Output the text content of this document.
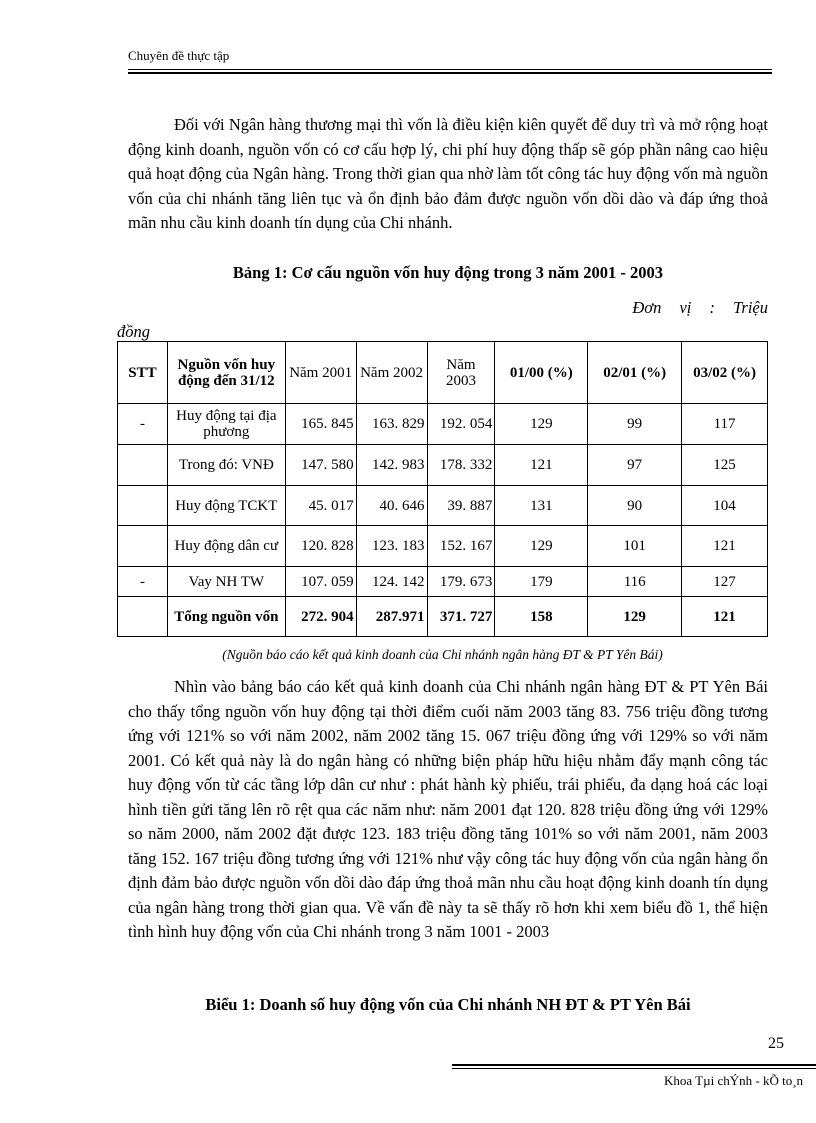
Chuyên đề thực tập

Đối với Ngân hàng thương mại thì vốn là điều kiện kiên quyết để duy trì và mở rộng hoạt động kinh doanh, nguồn vốn có cơ cấu hợp lý, chi phí huy động thấp sẽ góp phần nâng cao hiệu quả hoạt động của Ngân hàng. Trong thời gian qua nhờ làm tốt công tác huy động vốn mà nguồn vốn của chi nhánh tăng liên tục và ổn định bảo đảm được nguồn vốn dồi dào và đáp ứng thoả mãn nhu cầu kinh doanh tín dụng của Chi nhánh.

Bảng 1: Cơ cấu nguồn vốn huy động trong 3 năm 2001 - 2003
Đơn vị : Triệu
đồng
STT	Nguồn vốn huy động đến 31/12	Năm 2001	Năm 2002	Năm 2003	01/00 (%)	02/01 (%)	03/02 (%)
-	Huy động tại địa phương	165. 845	163. 829	192. 054	129	99	117
	Trong đó: VNĐ	147. 580	142. 983	178. 332	121	97	125
	Huy động TCKT	45. 017	40. 646	39. 887	131	90	104
	Huy động dân cư	120. 828	123. 183	152. 167	129	101	121
-	Vay NH TW	107. 059	124. 142	179. 673	179	116	127
	Tổng nguồn vốn	272. 904	287.971	371. 727	158	129	121
(Nguồn báo cáo kết quả kinh doanh của Chi nhánh ngân hàng ĐT & PT Yên Bái)

Nhìn vào bảng báo cáo kết quả kinh doanh của Chi nhánh ngân hàng ĐT & PT Yên Bái cho thấy tổng nguồn vốn huy động tại thời điểm cuối năm 2003 tăng 83. 756 triệu đồng tương ứng với 121% so với năm 2002, năm 2002 tăng 15. 067 triệu đồng ứng với 129% so với năm 2001. Có kết quả này là do ngân hàng có những biện pháp hữu hiệu nhằm đẩy mạnh công tác huy động vốn từ các tầng lớp dân cư như : phát hành kỳ phiếu, trái phiếu, đa dạng hoá các loại hình tiền gửi tăng lên rõ rệt qua các năm như: năm 2001 đạt 120. 828 triệu đồng ứng với 129% so năm 2000, năm 2002 đặt được 123. 183 triệu đồng tăng 101% so với năm 2001, năm 2003 tăng 152. 167 triệu đồng tương ứng với 121% như vậy công tác huy động vốn của ngân hàng ổn định đảm bảo được nguồn vốn dồi dào đáp ứng thoả mãn nhu cầu hoạt động kinh doanh tín dụng của ngân hàng trong thời gian qua. Về vấn đề này ta sẽ thấy rõ hơn khi xem biểu đồ 1, thể hiện tình hình huy động vốn của Chi nhánh trong 3 năm 1001 - 2003

Biểu 1: Doanh số huy động vốn của Chi nhánh NH ĐT & PT Yên Bái
25
Khoa Tµi chÝnh - kÕ to¸n
